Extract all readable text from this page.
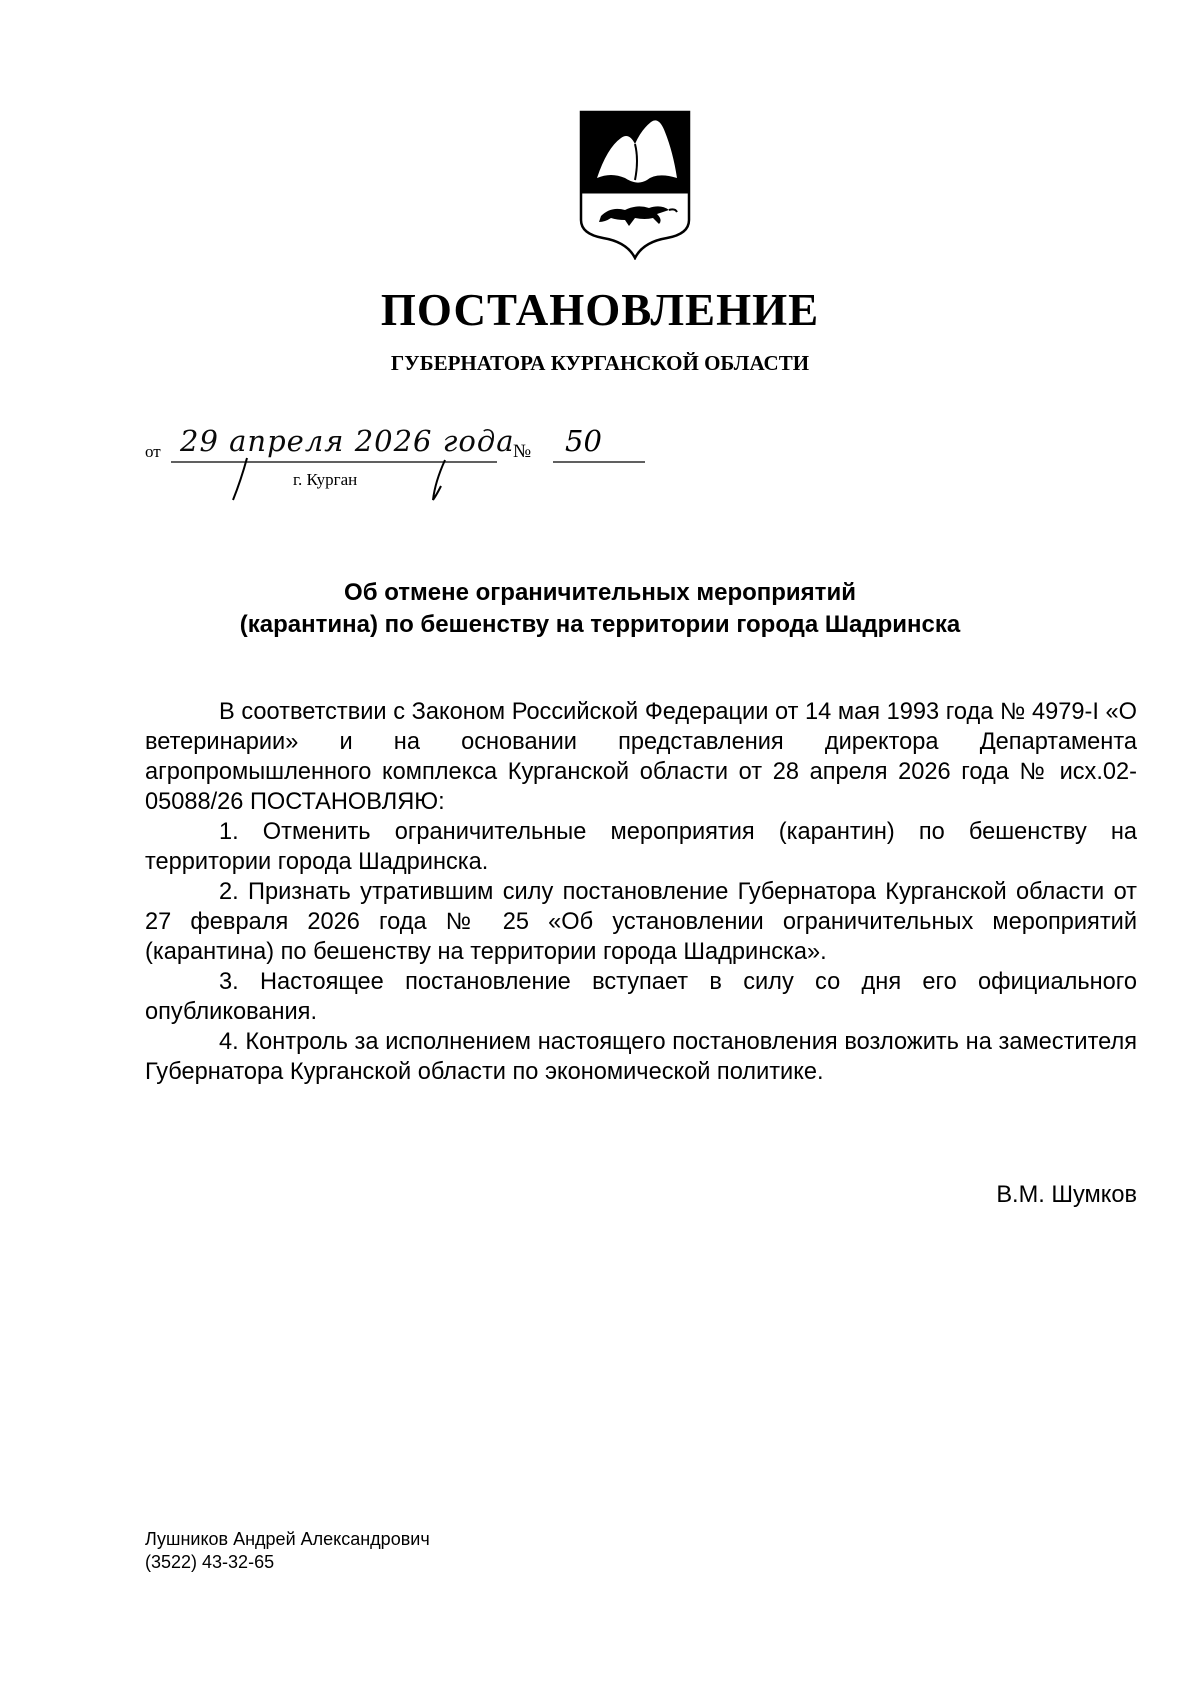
ПОСТАНОВЛЕНИЕ
ГУБЕРНАТОРА КУРГАНСКОЙ ОБЛАСТИ
от 29 апреля 2026 года
№ 50
г. Курган
Об отмене ограничительных мероприятий
(карантина) по бешенству на территории города Шадринска

В соответствии с Законом Российской Федерации от 14 мая 1993 года № 4979-I «О ветеринарии» и на основании представления директора Департамента агропромышленного комплекса Курганской области от 28 апреля 2026 года № исх.02-05088/26 ПОСТАНОВЛЯЮ:

1. Отменить ограничительные мероприятия (карантин) по бешенству на территории города Шадринска.

2. Признать утратившим силу постановление Губернатора Курганской области от 27 февраля 2026 года № 25 «Об установлении ограничительных мероприятий (карантина) по бешенству на территории города Шадринска».

3. Настоящее постановление вступает в силу со дня его официального опубликования.

4. Контроль за исполнением настоящего постановления возложить на заместителя Губернатора Курганской области по экономической политике.

В.М. Шумков
Лушников Андрей Александрович
(3522) 43-32-65
